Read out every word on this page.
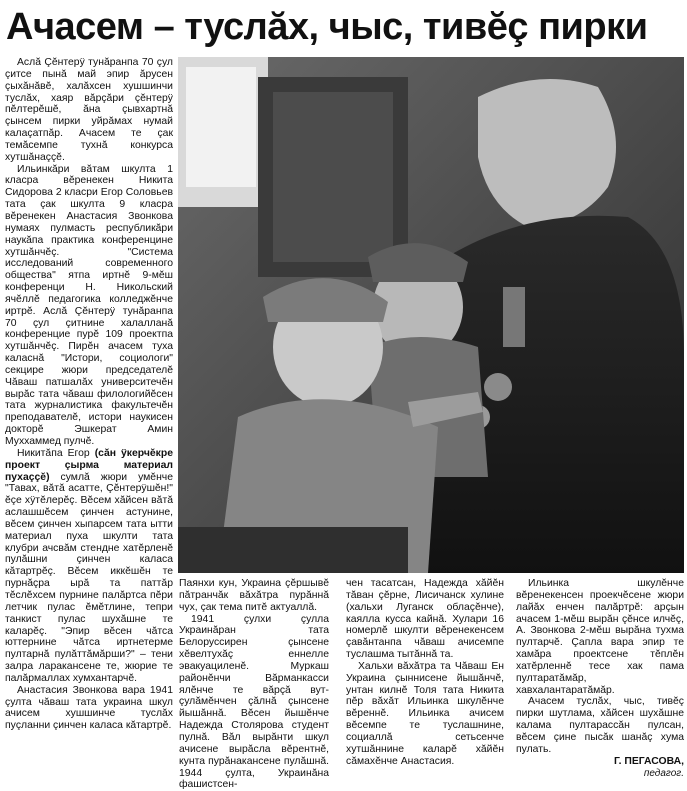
Ачасем – туслăх, чыс, тивĕç пирки

Аслă Çĕнтерÿ тунăранпа 70 çул çитсе пынă май эпир ăрусен çыхăнăвĕ, халăхсен хушшинчи туслăх, хаяр вăрçăри çĕнтерÿ пĕлтерĕшĕ, ăна çывхартнă çынсем пирки уйрăмах нумай калаçатпăр. Ачасем те çак темăсемпе тухнă конкурса хутшăнаççĕ.

Ильинкăри вăтам шкулта 1 класра вĕренекен Никита Сидорова 2 класри Егор Соловьев тата çак шкулта 9 класра вĕренекен Анастасия Звонкова нумаях пулмасть республикăри наукăпа практика конференцине хутшăнчĕç. "Система исследований современного общества" ятпа иртнĕ 9-мĕш конференци Н. Никольский ячĕллĕ педагогика колледжĕнче иртрĕ. Аслă Çĕнтерÿ тунăранпа 70 çул çитнине халалланă конференцие пурĕ 109 проектпа хутшăнчĕç. Пирĕн ачасем туха каласнă "Истори, социологи" секцире жюри председателĕ Чăваш патшалăх университечĕн вырăс тата чăваш филологийĕсен тата журналистика факультечĕн преподавателĕ, истори наукисен докторĕ Эшкерат Амин Муххаммед пулчĕ.

Никитăпа Егор (сăн ÿкерчĕкре проект çырма материал пухаççĕ) сумлă жюри умĕнче "Тавах, вăтă асатте, Çĕнтерÿшĕн!" ĕçе хÿтĕлерĕç. Вĕсем хăйсен вăтă аслашшĕсем çинчен астунине, вĕсем çинчен хыпарсем тата ытти материал пуха шкулти тата клубри ачсвăм стендне хатĕрленĕ пулăшни çинчен каласа кăтартрĕç. Вĕсем иккĕшĕн те пурнăçра ырă та паттăр тĕслĕхсем пурнине палăртса пĕри летчик пулас ĕмĕтлине, тепри танкист пулас шухăшне те каларĕç. "Эпир вĕсен чăтса юттернине чăтса иртнетерме пултарнă пулăттăмăрши?" – тени залра ларакансене те, жюрие те палăрмаллах хумхантарчĕ.

Анастасия Звонкова вара 1941 çулта чăваш тата украина шкул ачисем хушшинче туслăх пуçланни çинчен каласа кăтартрĕ.

Паянхи кун, Украина çĕршывĕ пăтранчăк вăхăтра пурăннă чух, çак тема питĕ актуаллă.

1941 çулхи çулла Украинăран тата Белоруссирен çынсене хĕвелтухăç еннелле эвакуациленĕ. Муркаш районĕнчи Вăрманкасси ялĕнче те вăрçă вут-çулăмĕнчен çăлнă çынсене йышăннă. Вĕсен йышĕнче Надежда Столярова студент пулнă. Вăл вырăнти шкул ачисене вырăсла вĕрентнĕ, кунта пурăнакансене пулăшнă. 1944 çулта, Украинăна фашистсен-

чен тасатсан, Надежда хăйĕн тăван çĕрне, Лисичанск хулине (хальхи Луганск облаçĕнче), каялла кусса кайнă. Хулари 16 номерлĕ шкулти вĕренекенсем çавăнтанпа чăваш ачисемпе туслашма тытăннă та.

Хальхи вăхăтра та Чăваш Ен Украина çыннисене йышăнчĕ, унтан килнĕ Толя тата Никита пĕр вăхăт Ильинка шкулĕнче вĕреннĕ. Ильинка ачисем вĕсемпе те туслашнине, социаллă сетьсенче хутшăннине каларĕ хăйĕн сăмахĕнче Анастасия.

Ильинка шкулĕнче вĕренекенсен проекчĕсене жюри лайăх енчен палăртрĕ: арçын ачасем 1-мĕш вырăн çĕнсе илчĕç, А. Звонкова 2-мĕш вырăна тухма пултарчĕ. Çапла вара эпир те хамăра проектсене тĕплĕн хатĕрленнĕ тесе хак пама пултаратăмăр, хавхалантаратăмăр.

Ачасем туслăх, чыс, тивĕç пирки шутлама, хăйсен шухăшне калама пултарассăн пулсан, вĕсем çине пысăк шанăç хума пулать.

Г. ПЕГАСОВА,
педагог.
